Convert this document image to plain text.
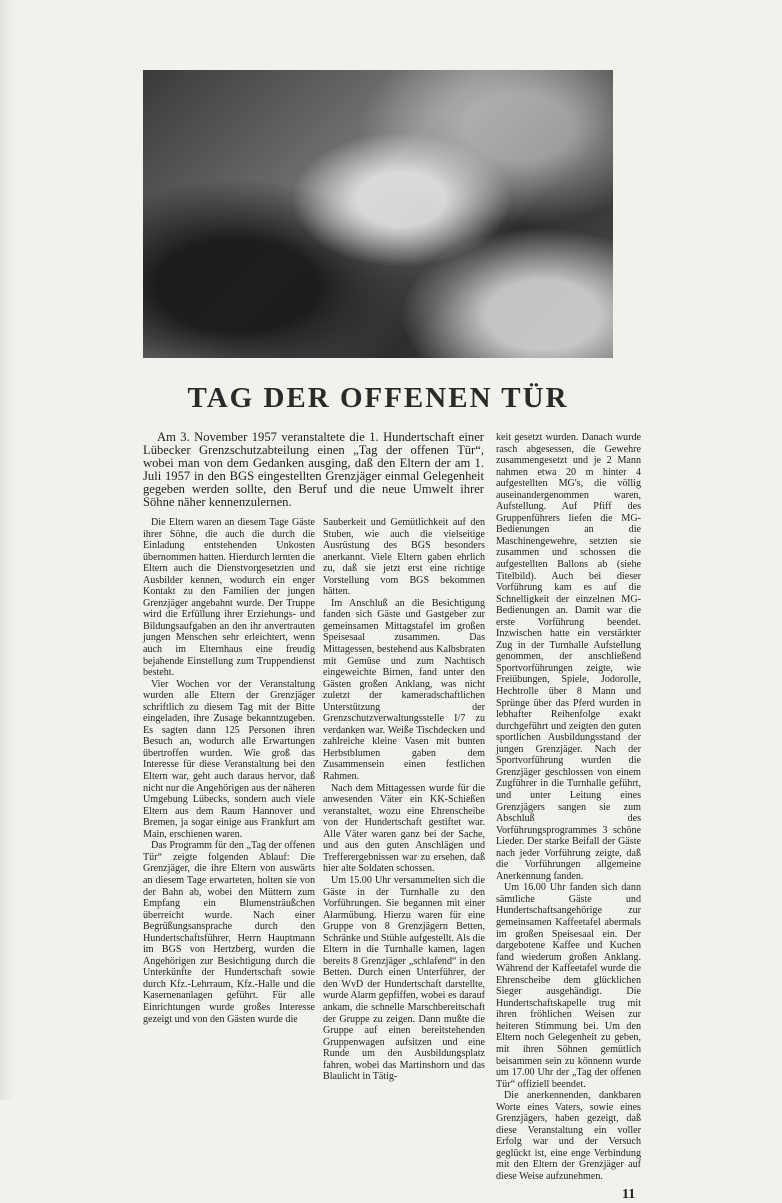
TAG DER OFFENEN TÜR

Am 3. November 1957 veranstaltete die 1. Hundertschaft einer Lübecker Grenzschutzabteilung einen „Tag der offenen Tür“, wobei man von dem Gedanken ausging, daß den Eltern der am 1. Juli 1957 in den BGS eingestellten Grenzjäger einmal Gelegenheit gegeben werden sollte, den Beruf und die neue Umwelt ihrer Söhne näher kennenzulernen.

Die Eltern waren an diesem Tage Gäste ihrer Söhne, die auch die durch die Einladung entstehenden Unkosten übernommen hatten. Hierdurch lernten die Eltern auch die Dienstvorgesetzten und Ausbilder kennen, wodurch ein enger Kontakt zu den Familien der jungen Grenzjäger angebahnt wurde. Der Truppe wird die Erfüllung ihrer Erziehungs- und Bildungsaufgaben an den ihr anvertrauten jungen Menschen sehr erleichtert, wenn auch im Elternhaus eine freudig bejahende Einstellung zum Truppendienst besteht.

Vier Wochen vor der Veranstaltung wurden alle Eltern der Grenzjäger schriftlich zu diesem Tag mit der Bitte eingeladen, ihre Zusage bekanntzugeben. Es sagten dann 125 Personen ihren Besuch an, wodurch alle Erwartungen übertroffen wurden. Wie groß das Interesse für diese Veranstaltung bei den Eltern war, geht auch daraus hervor, daß nicht nur die Angehörigen aus der näheren Umgebung Lübecks, sondern auch viele Eltern aus dem Raum Hannover und Bremen, ja sogar einige aus Frankfurt am Main, erschienen waren.

Das Programm für den „Tag der offenen Tür“ zeigte folgenden Ablauf: Die Grenzjäger, die ihre Eltern von auswärts an diesem Tage erwarteten, holten sie von der Bahn ab, wobei den Müttern zum Empfang ein Blumensträußchen überreicht wurde. Nach einer Begrüßungsansprache durch den Hundertschaftsführer, Herrn Hauptmann im BGS von Hertzberg, wurden die Angehörigen zur Besichtigung durch die Unterkünfte der Hundertschaft sowie durch Kfz.-Lehrraum, Kfz.-Halle und die Kasernenanlagen geführt. Für alle Einrichtungen wurde großes Interesse gezeigt und von den Gästen wurde die

Sauberkeit und Gemütlichkeit auf den Stuben, wie auch die vielseitige Ausrüstung des BGS besonders anerkannt. Viele Eltern gaben ehrlich zu, daß sie jetzt erst eine richtige Vorstellung vom BGS bekommen hätten.

Im Anschluß an die Besichtigung fanden sich Gäste und Gastgeber zur gemeinsamen Mittagstafel im großen Speisesaal zusammen. Das Mittagessen, bestehend aus Kalbsbraten mit Gemüse und zum Nachtisch eingeweichte Birnen, fand unter den Gästen großen Anklang, was nicht zuletzt der kameradschaftlichen Unterstützung der Grenzschutzverwaltungsstelle I/7 zu verdanken war. Weiße Tischdecken und zahlreiche kleine Vasen mit bunten Herbstblumen gaben dem Zusammensein einen festlichen Rahmen.

Nach dem Mittagessen wurde für die anwesenden Väter ein KK-Schießen veranstaltet, wozu eine Ehrenscheibe von der Hundertschaft gestiftet war. Alle Väter waren ganz bei der Sache, und aus den guten Anschlägen und Trefferergebnissen war zu ersehen, daß hier alte Soldaten schossen.

Um 15.00 Uhr versammelten sich die Gäste in der Turnhalle zu den Vorführungen. Sie begannen mit einer Alarmübung. Hierzu waren für eine Gruppe von 8 Grenzjägern Betten, Schränke und Stühle aufgestellt. Als die Eltern in die Turnhalle kamen, lagen bereits 8 Grenzjäger „schlafend“ in den Betten. Durch einen Unterführer, der den WvD der Hundertschaft darstellte, wurde Alarm gepfiffen, wobei es darauf ankam, die schnelle Marschbereitschaft der Gruppe zu zeigen. Dann mußte die Gruppe auf einen bereitstehenden Gruppenwagen aufsitzen und eine Runde um den Ausbildungsplatz fahren, wobei das Martinshorn und das Blaulicht in Tätig-

keit gesetzt wurden. Danach wurde rasch abgesessen, die Gewehre zusammengesetzt und je 2 Mann nahmen etwa 20 m hinter 4 aufgestellten MG's, die völlig auseinandergenommen waren, Aufstellung. Auf Pfiff des Gruppenführers liefen die MG-Bedienungen an die Maschinengewehre, setzten sie zusammen und schossen die aufgestellten Ballons ab (siehe Titelbild). Auch bei dieser Vorführung kam es auf die Schnelligkeit der einzelnen MG-Bedienungen an. Damit war die erste Vorführung beendet. Inzwischen hatte ein verstärkter Zug in der Turnhalle Aufstellung genommen, der anschließend Sportvorführungen zeigte, wie Freiübungen, Spiele, Jodorolle, Hechtrolle über 8 Mann und Sprünge über das Pferd wurden in lebhafter Reihenfolge exakt durchgeführt und zeigten den guten sportlichen Ausbildungsstand der jungen Grenzjäger. Nach der Sportvorführung wurden die Grenzjäger geschlossen von einem Zugführer in die Turnhalle geführt, und unter Leitung eines Grenzjägers sangen sie zum Abschluß des Vorführungsprogrammes 3 schöne Lieder. Der starke Beifall der Gäste nach jeder Vorführung zeigte, daß die Vorführungen allgemeine Anerkennung fanden.

Um 16.00 Uhr fanden sich dann sämtliche Gäste und Hundertschaftsangehörige zur gemeinsamen Kaffeetafel abermals im großen Speisesaal ein. Der dargebotene Kaffee und Kuchen fand wiederum großen Anklang. Während der Kaffeetafel wurde die Ehrenscheibe dem glücklichen Sieger ausgehändigt. Die Hundertschaftskapelle trug mit ihren fröhlichen Weisen zur heiteren Stimmung bei. Um den Eltern noch Gelegenheit zu geben, mit ihren Söhnen gemütlich beisammen sein zu könnenn wurde um 17.00 Uhr der „Tag der offenen Tür“ offiziell beendet.

Die anerkennenden, dankbaren Worte eines Vaters, sowie eines Grenzjägers, haben gezeigt, daß diese Veranstaltung ein voller Erfolg war und der Versuch geglückt ist, eine enge Verbindung mit den Eltern der Grenzjäger auf diese Weise aufzunehmen.

11
